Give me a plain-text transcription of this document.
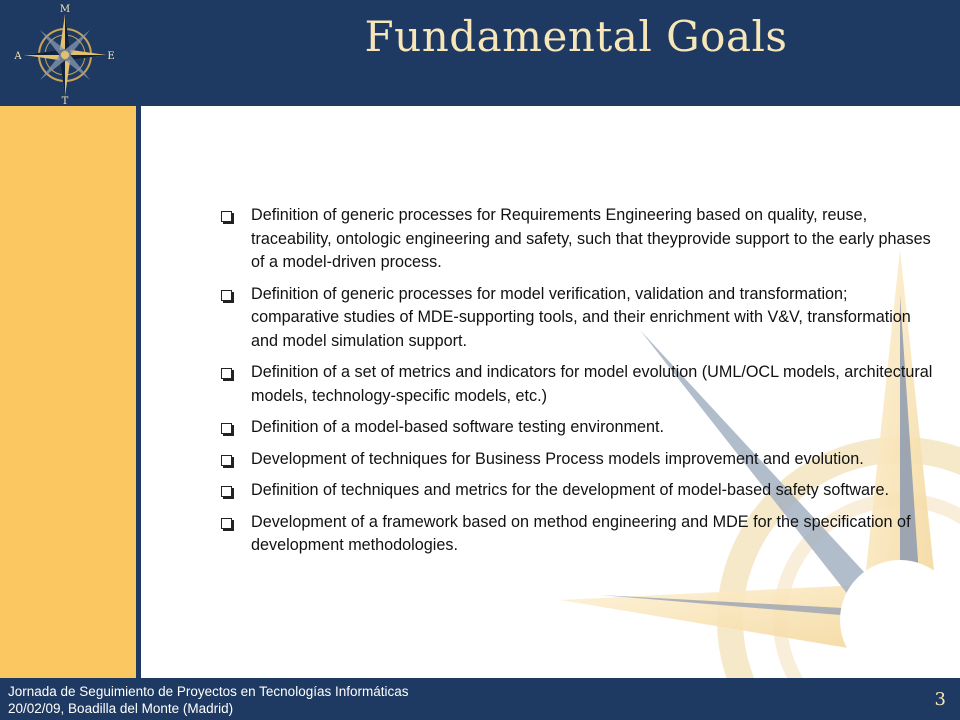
M
A	E
T
Fundamental Goals
Definition of generic processes for Requirements Engineering based on quality, reuse, traceability, ontologic engineering and safety, such that theyprovide support to the early phases of a model-driven process.
Definition of generic processes for model verification, validation and transformation; comparative studies of MDE-supporting tools, and their enrichment with V&V, transformation and model simulation support.
Definition of a set of metrics and indicators for model evolution (UML/OCL models, architectural models, technology-specific models, etc.)
Definition of a model-based software testing environment.
Development of techniques for Business Process models improvement and evolution.
Definition of techniques and metrics for the development of model-based safety software.
Development of a framework based on method engineering and MDE for the specification of development methodologies.
Jornada de Seguimiento de Proyectos en Tecnologías Informáticas
20/02/09, Boadilla del Monte (Madrid)	3
